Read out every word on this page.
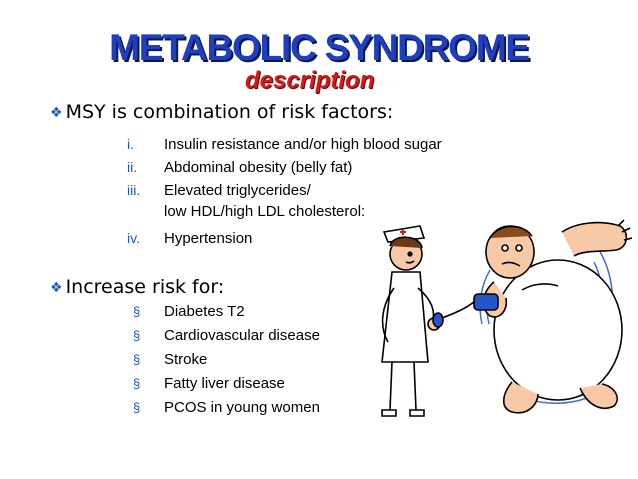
METABOLIC SYNDROME
description
❖ MSY is combination of risk factors:
i. Insulin resistance and/or high blood sugar
ii. Abdominal obesity (belly fat)
iii. Elevated triglycerides/
low HDL/high LDL cholesterol:
iv. Hypertension
❖ Increase risk for:
§ Diabetes T2
§ Cardiovascular disease
§ Stroke
§ Fatty liver disease
§ PCOS in young women
